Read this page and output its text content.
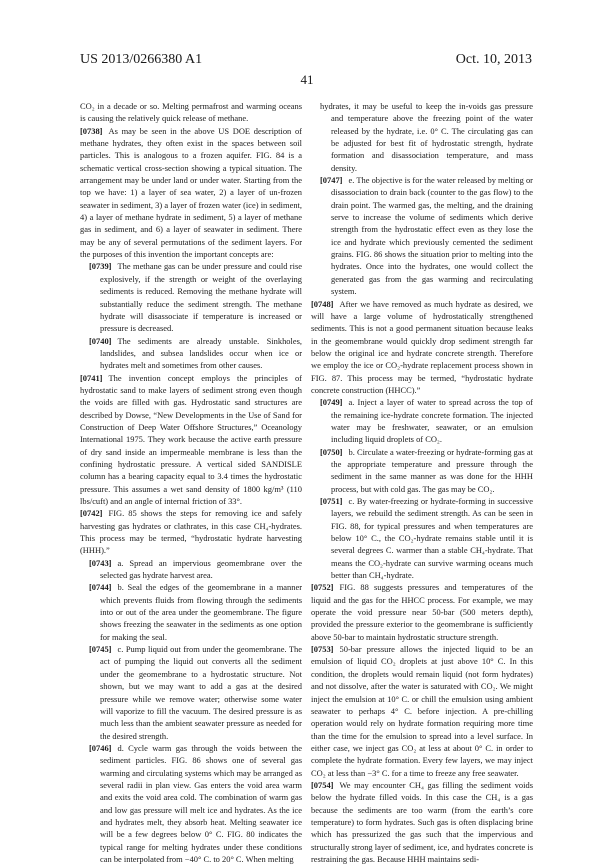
US 2013/0266380 A1
41
Oct. 10, 2013

CO₂ in a decade or so. Melting permafrost and warming oceans is causing the relatively quick release of methane.

[0738] As may be seen in the above US DOE description of methane hydrates, they often exist in the spaces between soil particles. This is analogous to a frozen aquifer. FIG. 84 is a schematic vertical cross-section showing a typical situation. The arrangement may be under land or under water. Starting from the top we have: 1) a layer of sea water, 2) a layer of un-frozen seawater in sediment, 3) a layer of frozen water (ice) in sediment, 4) a layer of methane hydrate in sediment, 5) a layer of methane gas in sediment, and 6) a layer of seawater in sediment. There may be any of several permutations of the sediment layers. For the purposes of this invention the important concepts are:

[0739] The methane gas can be under pressure and could rise explosively, if the strength or weight of the overlaying sediments is reduced. Removing the methane hydrate will substantially reduce the sediment strength. The methane hydrate will disassociate if temperature is increased or pressure is decreased.

[0740] The sediments are already unstable. Sinkholes, landslides, and subsea landslides occur when ice or hydrates melt and sometimes from other causes.

[0741] The invention concept employs the principles of hydrostatic sand to make layers of sediment strong even though the voids are filled with gas. Hydrostatic sand structures are described by Dowse, “New Developments in the Use of Sand for Construction of Deep Water Offshore Structures,” Oceanology International 1975. They work because the active earth pressure of dry sand inside an impermeable membrane is less than the confining hydrostatic pressure. A vertical sided SANDISLE column has a bearing capacity equal to 3.4 times the hydrostatic pressure. This assumes a wet sand density of 1800 kg/m³ (110 lbs/cuft) and an angle of internal friction of 33°.

[0742] FIG. 85 shows the steps for removing ice and safely harvesting gas hydrates or clathrates, in this case CH₄-hydrates. This process may be termed, “hydrostatic hydrate harvesting (HHH).”

[0743] a. Spread an impervious geomembrane over the selected gas hydrate harvest area.

[0744] b. Seal the edges of the geomembrane in a manner which prevents fluids from flowing through the sediments into or out of the area under the geomembrane. The figure shows freezing the seawater in the sediments as one option for making the seal.

[0745] c. Pump liquid out from under the geomembrane. The act of pumping the liquid out converts all the sediment under the geomembrane to a hydrostatic structure. Not shown, but we may want to add a gas at the desired pressure while we remove water; otherwise some water will vaporize to fill the vacuum. The desired pressure is as much less than the ambient seawater pressure as needed for the desired strength.

[0746] d. Cycle warm gas through the voids between the sediment particles. FIG. 86 shows one of several gas warming and circulating systems which may be arranged as several radii in plan view. Gas enters the void area warm and exits the void area cold. The combination of warm gas and low gas pressure will melt ice and hydrates. As the ice and hydrates melt, they absorb heat. Melting seawater ice will be a few degrees below 0° C. FIG. 80 indicates the typical range for melting hydrates under these conditions can be interpolated from −40° C. to 20° C. When melting

hydrates, it may be useful to keep the in-voids gas pressure and temperature above the freezing point of the water released by the hydrate, i.e. 0° C. The circulating gas can be adjusted for best fit of hydrostatic strength, hydrate formation and disassociation temperature, and mass density.

[0747] e. The objective is for the water released by melting or disassociation to drain back (counter to the gas flow) to the drain point. The warmed gas, the melting, and the draining serve to increase the volume of sediments which derive strength from the hydrostatic effect even as they lose the ice and hydrate which previously cemented the sediment grains. FIG. 86 shows the situation prior to melting into the hydrates. Once into the hydrates, one would collect the generated gas from the gas warming and recirculating system.

[0748] After we have removed as much hydrate as desired, we will have a large volume of hydrostatically strengthened sediments. This is not a good permanent situation because leaks in the geomembrane would quickly drop sediment strength far below the original ice and hydrate concrete strength. Therefore we employ the ice or CO₂-hydrate replacement process shown in FIG. 87. This process may be termed, “hydrostatic hydrate concrete construction (HHCC).”

[0749] a. Inject a layer of water to spread across the top of the remaining ice-hydrate concrete formation. The injected water may be freshwater, seawater, or an emulsion including liquid droplets of CO₂.

[0750] b. Circulate a water-freezing or hydrate-forming gas at the appropriate temperature and pressure through the sediment in the same manner as was done for the HHH process, but with cold gas. The gas may be CO₂.

[0751] c. By water-freezing or hydrate-forming in successive layers, we rebuild the sediment strength. As can be seen in FIG. 88, for typical pressures and when temperatures are below 10° C., the CO₂-hydrate remains stable until it is several degrees C. warmer than a stable CH₄-hydrate. That means the CO₂-hydrate can survive warming oceans much better than CH₄-hydrate.

[0752] FIG. 88 suggests pressures and temperatures of the liquid and the gas for the HHCC process. For example, we may operate the void pressure near 50-bar (500 meters depth), provided the pressure exterior to the geomembrane is sufficiently above 50-bar to maintain hydrostatic structure strength.

[0753] 50-bar pressure allows the injected liquid to be an emulsion of liquid CO₂ droplets at just above 10° C. In this condition, the droplets would remain liquid (not form hydrates) and not dissolve, after the water is saturated with CO₂. We might inject the emulsion at 10° C. or chill the emulsion using ambient seawater to perhaps 4° C. before injection. A pre-chilling operation would rely on hydrate formation requiring more time than the time for the emulsion to spread into a level surface. In either case, we inject gas CO₂ at less at about 0° C. in order to complete the hydrate formation. Every few layers, we may inject CO₂ at less than −3° C. for a time to freeze any free seawater.

[0754] We may encounter CH₄ gas filling the sediment voids below the hydrate filled voids. In this case the CH₄ is a gas because the sediments are too warm (from the earth’s core temperature) to form hydrates. Such gas is often displacing brine which has pressurized the gas such that the impervious and structurally strong layer of sediment, ice, and hydrates concrete is restraining the gas. Because HHH maintains sedi-
